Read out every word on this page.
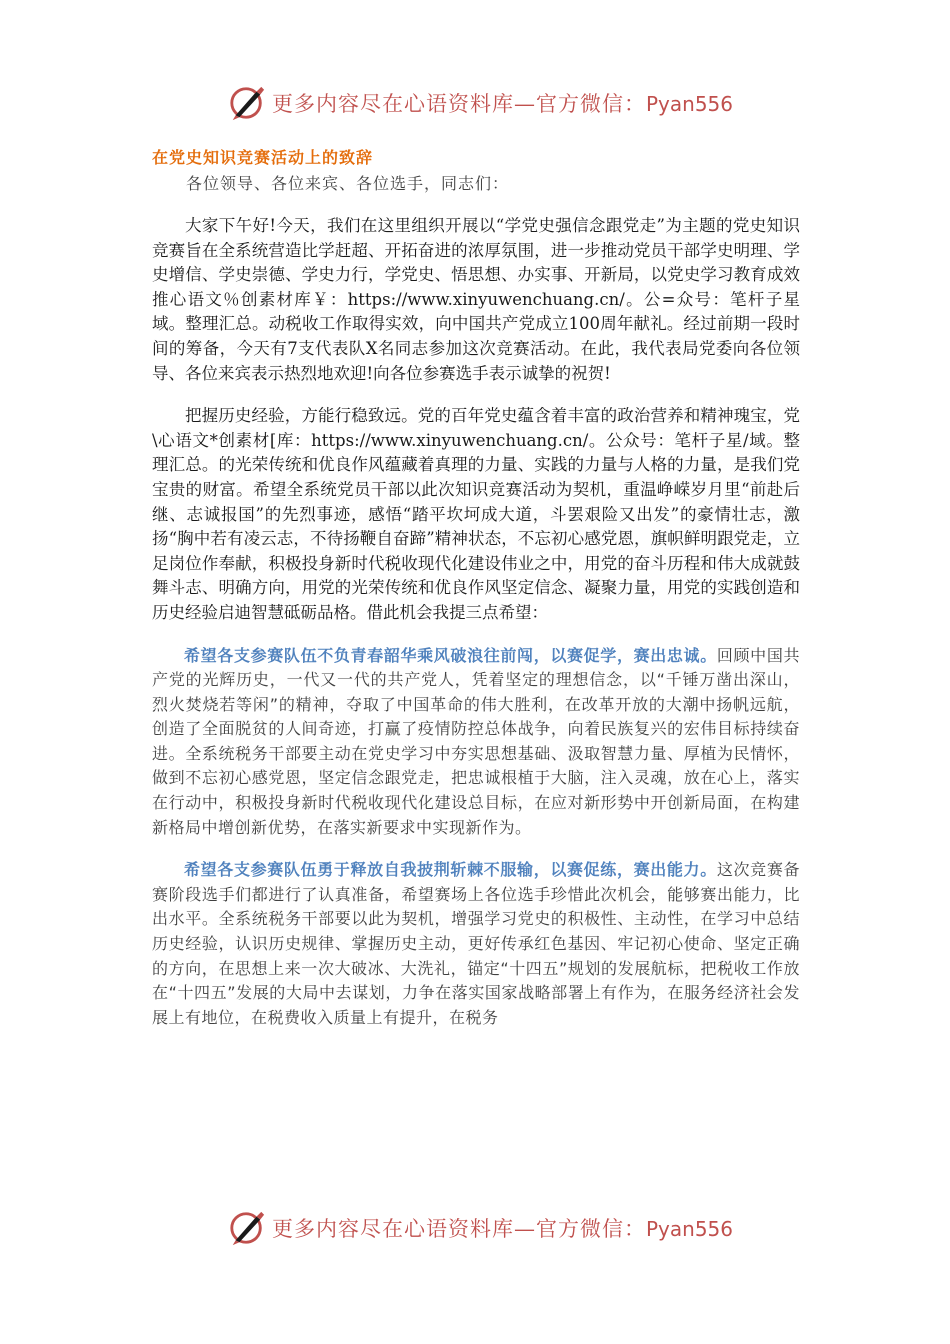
更多内容尽在心语资料库—官方微信：Pyan556
在党史知识竞赛活动上的致辞
各位领导、各位来宾、各位选手，同志们：

大家下午好!今天，我们在这里组织开展以“学党史强信念跟党走”为主题的党史知识竞赛旨在全系统营造比学赶超、开拓奋进的浓厚氛围，进一步推动党员干部学史明理、学史增信、学史崇德、学史力行，学党史、悟思想、办实事、开新局，以党史学习教育成效推心语文％创素材库￥：https://www.xinyuwenchuang.cn/。公=众号：笔杆子星域。整理汇总。动税收工作取得实效，向中国共产党成立100周年献礼。经过前期一段时间的筹备，今天有7支代表队X名同志参加这次竞赛活动。在此，我代表局党委向各位领导、各位来宾表示热烈地欢迎!向各位参赛选手表示诚挚的祝贺!

把握历史经验，方能行稳致远。党的百年党史蕴含着丰富的政治营养和精神瑰宝，党\心语文*创素材[库：https://www.xinyuwenchuang.cn/。公众号：笔杆子星/域。整理汇总。的光荣传统和优良作风蕴藏着真理的力量、实践的力量与人格的力量，是我们党宝贵的财富。希望全系统党员干部以此次知识竞赛活动为契机，重温峥嵘岁月里“前赴后继、志诚报国”的先烈事迹，感悟“踏平坎坷成大道，斗罢艰险又出发”的豪情壮志，激扬“胸中若有凌云志，不待扬鞭自奋蹄”精神状态，不忘初心感党恩，旗帜鲜明跟党走，立足岗位作奉献，积极投身新时代税收现代化建设伟业之中，用党的奋斗历程和伟大成就鼓舞斗志、明确方向，用党的光荣传统和优良作风坚定信念、凝聚力量，用党的实践创造和历史经验启迪智慧砥砺品格。借此机会我提三点希望：

希望各支参赛队伍不负青春韶华乘风破浪往前闯，以赛促学，赛出忠诚。回顾中国共产党的光辉历史，一代又一代的共产党人，凭着坚定的理想信念，以“千锤万凿出深山，烈火焚烧若等闲”的精神，夺取了中国革命的伟大胜利，在改革开放的大潮中扬帆远航，创造了全面脱贫的人间奇迹，打赢了疫情防控总体战争，向着民族复兴的宏伟目标持续奋进。全系统税务干部要主动在党史学习中夯实思想基础、汲取智慧力量、厚植为民情怀，做到不忘初心感党恩，坚定信念跟党走，把忠诚根植于大脑，注入灵魂，放在心上，落实在行动中，积极投身新时代税收现代化建设总目标，在应对新形势中开创新局面，在构建新格局中增创新优势，在落实新要求中实现新作为。

希望各支参赛队伍勇于释放自我披荆斩棘不服输，以赛促练，赛出能力。这次竞赛备赛阶段选手们都进行了认真准备，希望赛场上各位选手珍惜此次机会，能够赛出能力，比出水平。全系统税务干部要以此为契机，增强学习党史的积极性、主动性，在学习中总结历史经验，认识历史规律、掌握历史主动，更好传承红色基因、牢记初心使命、坚定正确的方向，在思想上来一次大破冰、大洗礼，锚定“十四五”规划的发展航标，把税收工作放在“十四五”发展的大局中去谋划，力争在落实国家战略部署上有作为，在服务经济社会发展上有地位，在税费收入质量上有提升，在税务

更多内容尽在心语资料库—官方微信：Pyan556
